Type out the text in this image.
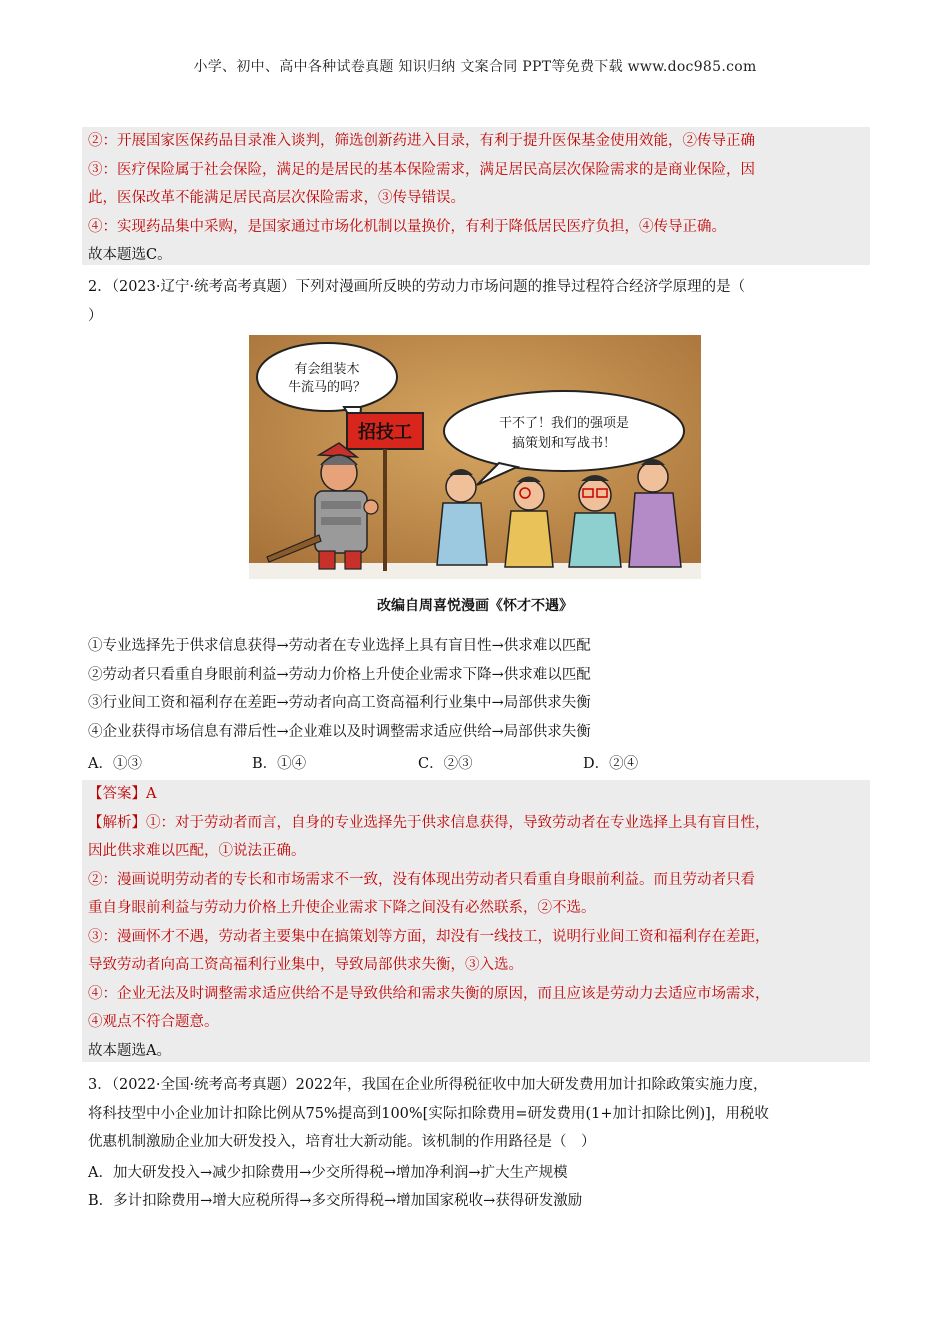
小学、初中、高中各种试卷真题 知识归纳 文案合同 PPT等免费下载 www.doc985.com
②：开展国家医保药品目录准入谈判，筛选创新药进入目录，有利于提升医保基金使用效能，②传导正确
③：医疗保险属于社会保险，满足的是居民的基本保险需求，满足居民高层次保险需求的是商业保险，因
此，医保改革不能满足居民高层次保险需求，③传导错误。
④：实现药品集中采购，是国家通过市场化机制以量换价，有利于降低居民医疗负担，④传导正确。
故本题选C。
2．（2023·辽宁·统考高考真题）下列对漫画所反映的劳动力市场问题的推导过程符合经济学原理的是（
）
有会组装木
牛流马的吗？
干不了！我们的强项是
搞策划和写战书！
招技工
改编自周喜悦漫画《怀才不遇》
①专业选择先于供求信息获得→劳动者在专业选择上具有盲目性→供求难以匹配
②劳动者只看重自身眼前利益→劳动力价格上升使企业需求下降→供求难以匹配
③行业间工资和福利存在差距→劳动者向高工资高福利行业集中→局部供求失衡
④企业获得市场信息有滞后性→企业难以及时调整需求适应供给→局部供求失衡
A．①③	B．①④	C．②③	D．②④
【答案】A
【解析】①：对于劳动者而言，自身的专业选择先于供求信息获得，导致劳动者在专业选择上具有盲目性，
因此供求难以匹配，①说法正确。
②：漫画说明劳动者的专长和市场需求不一致，没有体现出劳动者只看重自身眼前利益。而且劳动者只看
重自身眼前利益与劳动力价格上升使企业需求下降之间没有必然联系，②不选。
③：漫画怀才不遇，劳动者主要集中在搞策划等方面，却没有一线技工，说明行业间工资和福利存在差距，
导致劳动者向高工资高福利行业集中，导致局部供求失衡，③入选。
④：企业无法及时调整需求适应供给不是导致供给和需求失衡的原因，而且应该是劳动力去适应市场需求，
④观点不符合题意。
故本题选A。
3．（2022·全国·统考高考真题）2022年，我国在企业所得税征收中加大研发费用加计扣除政策实施力度，
将科技型中小企业加计扣除比例从75%提高到100%[实际扣除费用=研发费用(1+加计扣除比例)]，用税收
优惠机制激励企业加大研发投入，培育壮大新动能。该机制的作用路径是（　）
A．加大研发投入→减少扣除费用→少交所得税→增加净利润→扩大生产规模
B．多计扣除费用→增大应税所得→多交所得税→增加国家税收→获得研发激励
